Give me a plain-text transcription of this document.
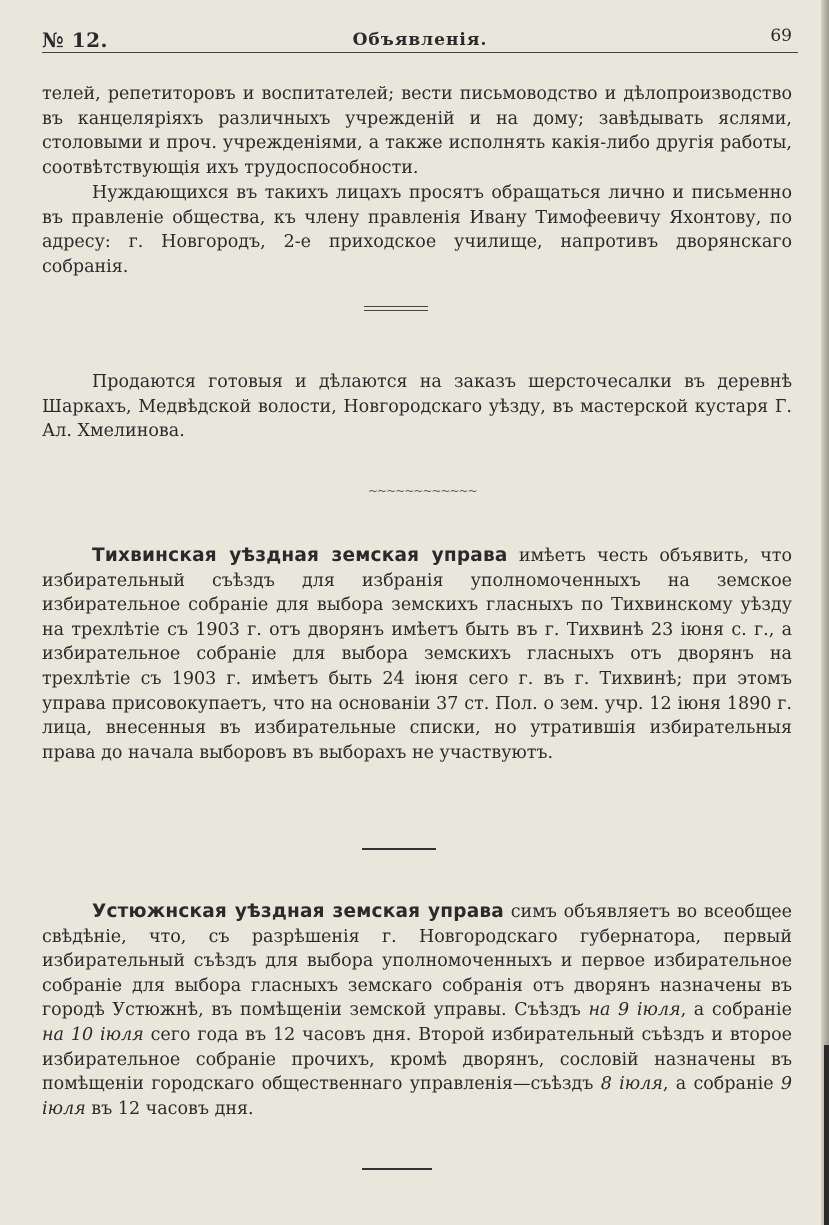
№ 12.	Объявленія.	69

телей, репетиторовъ и воспитателей; вести письмоводство и дѣлопроизводство въ канцеляріяхъ различныхъ учрежденій и на дому; завѣдывать яслями, столовыми и проч. учрежденіями, а также исполнять какія-либо другія работы, соотвѣтствующія ихъ трудоспособности.

Нуждающихся въ такихъ лицахъ просятъ обращаться лично и письменно въ правленіе общества, къ члену правленія Ивану Тимофеевичу Яхонтову, по адресу: г. Новгородъ, 2-е приходское училище, напротивъ дворянскаго собранія.

Продаются готовыя и дѣлаются на заказъ шерсточесалки въ деревнѣ Шаркахъ, Медвѣдской волости, Новгородскаго уѣзду, въ мастерской кустаря Г. Ал. Хмелинова.

~~~~~~~~~~~~

Тихвинская уѣздная земская управа имѣетъ честь объявить, что избирательный съѣздъ для избранія уполномоченныхъ на земское избирательное собраніе для выбора земскихъ гласныхъ по Тихвинскому уѣзду на трехлѣтіе съ 1903 г. отъ дворянъ имѣетъ быть въ г. Тихвинѣ 23 іюня с. г., а избирательное собраніе для выбора земскихъ гласныхъ отъ дворянъ на трехлѣтіе съ 1903 г. имѣетъ быть 24 іюня сего г. въ г. Тихвинѣ; при этомъ управа присовокупаетъ, что на основаніи 37 ст. Пол. о зем. учр. 12 іюня 1890 г. лица, внесенныя въ избирательные списки, но утратившія избирательныя права до начала выборовъ въ выборахъ не участвуютъ.

Устюжнская уѣздная земская управа симъ объявляетъ во всеобщее свѣдѣніе, что, съ разрѣшенія г. Новгородскаго губернатора, первый избирательный съѣздъ для выбора уполномоченныхъ и первое избирательное собраніе для выбора гласныхъ земскаго собранія отъ дворянъ назначены въ городѣ Устюжнѣ, въ помѣщеніи земской управы. Съѣздъ на 9 іюля, а собраніе на 10 іюля сего года въ 12 часовъ дня. Второй избирательный съѣздъ и второе избирательное собраніе прочихъ, кромѣ дворянъ, сословій назначены въ помѣщеніи городскаго общественнаго управленія—съѣздъ 8 іюля, а собраніе 9 іюля въ 12 часовъ дня.
